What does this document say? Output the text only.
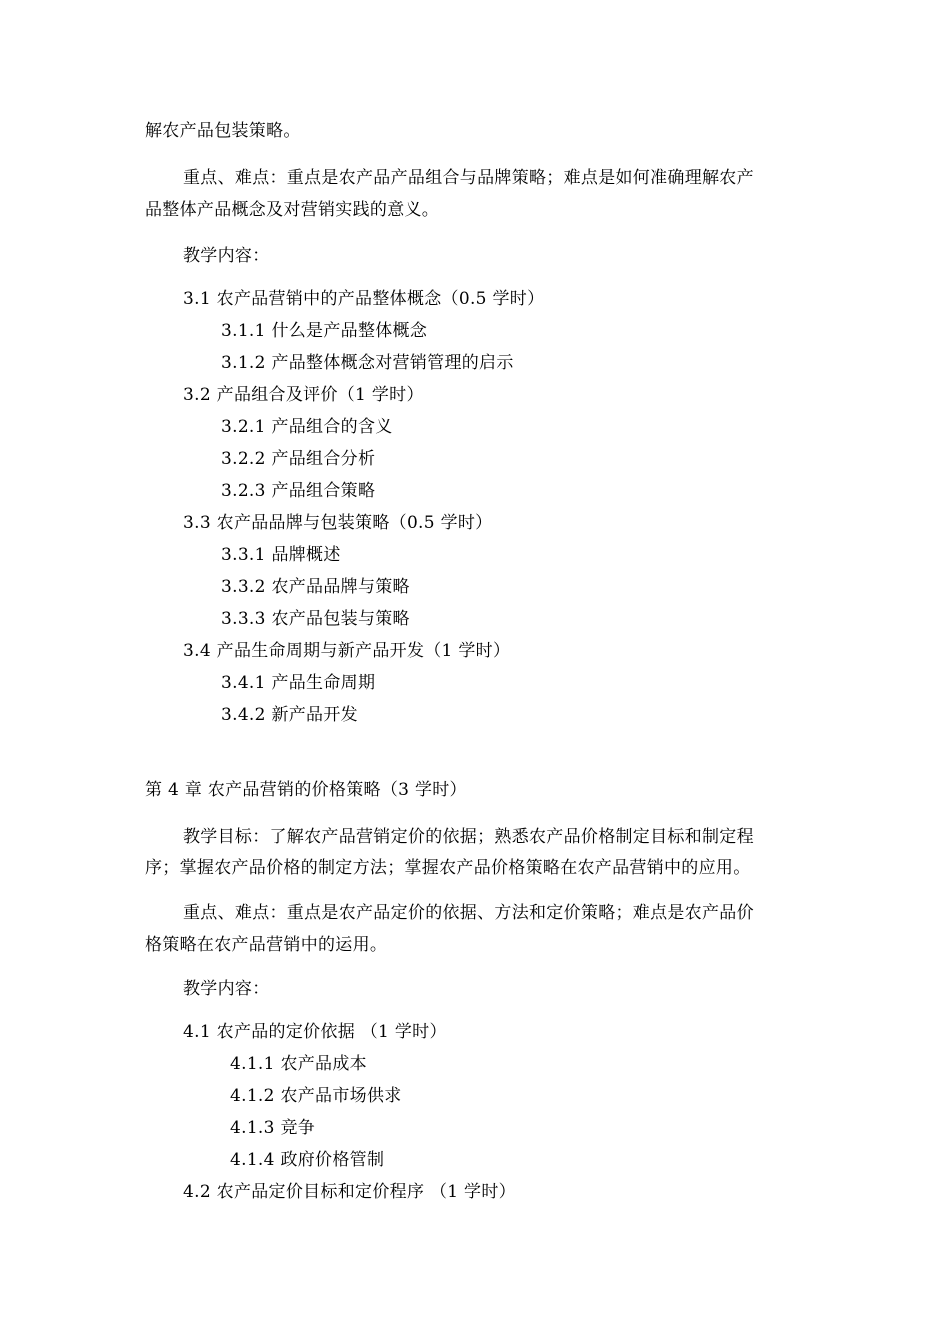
解农产品包装策略。
重点、难点：重点是农产品产品组合与品牌策略；难点是如何准确理解农产
品整体产品概念及对营销实践的意义。
教学内容：
3.1 农产品营销中的产品整体概念（0.5 学时）
3.1.1 什么是产品整体概念
3.1.2 产品整体概念对营销管理的启示
3.2 产品组合及评价（1 学时）
3.2.1 产品组合的含义
3.2.2 产品组合分析
3.2.3 产品组合策略
3.3 农产品品牌与包装策略（0.5 学时）
3.3.1 品牌概述
3.3.2 农产品品牌与策略
3.3.3 农产品包装与策略
3.4 产品生命周期与新产品开发（1 学时）
3.4.1 产品生命周期
3.4.2 新产品开发
第 4 章 农产品营销的价格策略（3 学时）
教学目标：了解农产品营销定价的依据；熟悉农产品价格制定目标和制定程
序；掌握农产品价格的制定方法；掌握农产品价格策略在农产品营销中的应用。
重点、难点：重点是农产品定价的依据、方法和定价策略；难点是农产品价
格策略在农产品营销中的运用。
教学内容：
4.1 农产品的定价依据 （1 学时）
4.1.1 农产品成本
4.1.2 农产品市场供求
4.1.3 竞争
4.1.4 政府价格管制
4.2 农产品定价目标和定价程序 （1 学时）
